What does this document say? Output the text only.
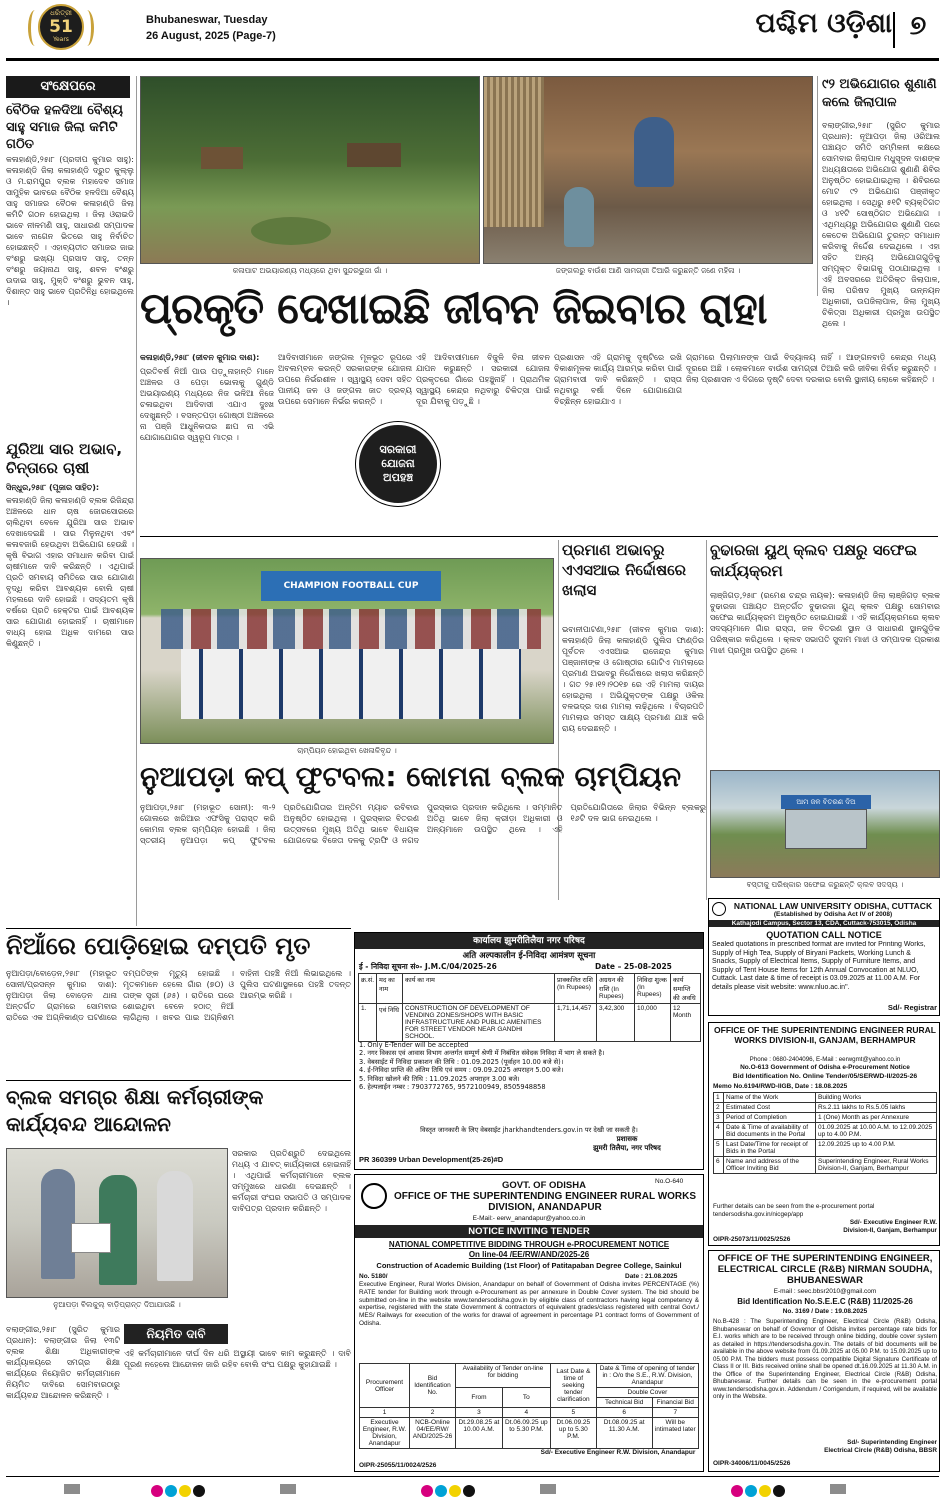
ଧରିତ୍ରୀ
51
Years
Bhubaneswar, Tuesday
26 August, 2025 (Page-7)	ପଶ୍ଚିମ ଓଡ଼ିଶା ୭
ସଂକ୍ଷେପରେ
ବୈଠିକ ହଳଦିଆ ବୈଶ୍ୟ ସାହୁ ସମାଜ ଜିଲା କମିଟି ଗଠିତ
କଳାହାଣ୍ଡି,୨୫ା୮ (ପ୍ରଦୀପ କୁମାର ସାହୁ): କଳାହାଣ୍ଡି ଜିଲା କଳାହାଣ୍ଡି ଦ୍ରୁତ କୁଲ୍ଲୁ ଓ ମ.ରାମପୁର ବ୍ଲକ ମହାଦେବ ସମାଜ ସାମୁହିକ ଭାବରେ ବୈଠିକ ହଳଦିଆ ବୈଶ୍ୟ ସାହୁ ସମାଜର ବୈଠକ କଳାହାଣ୍ଡି ଜିଲା କମିଟି ଗଠନ ହୋଇଥିଲା । ଜିଲା ଓରାଇଡି ଭାବେ ନୀଳମଣି ସାହୁ, ସାଧାରଣ ସମ୍ପାଦକ ଭାବେ ନାଗେନ ଭିତରେ ସାହୁ ନିର୍ବାଚିତ ହୋଇଛନ୍ତି । ଏହାବ୍ୟତୀତ ସମାଜର ଜାଇ ବଂଶରୁ ଇଖ୍ୟା ପ୍ରସାଦ ସାହୁ, ତନ୍ନ ବଂଶରୁ ଜୟାନାଥ ସାହୁ, ଶବଳ ବଂଶରୁ ଉଦାଇ ସାହୁ, ମୁକ୍ତି ବଂଶରୁ ଭୁବନ ସାହୁ, ଦିଶାନ୍ତ ସାହୁ ଭାବେ ପ୍ରତିନିଧି ହୋଇଥିଲେ ।
ଯୁରିଆ ସାର ଅଭାବ, ଚିନ୍ତାରେ ଚାଷୀ
ସିନ୍ଧୁର,୨୫ା୮ (ପୂଜାର ସାହିତ):
କଳାହାଣ୍ଡି ଜିଲା କଳାହାଣ୍ଡି ବ୍ଲକ ରିଜିନ୍ଦ୍ରା ଅଞ୍ଚଳରେ ଧାନ ଚାଷ ଜୋରସୋରରେ ଚାଲିଥିବା ବେଳେ ଯୁରିଆ ସାର ଅଭାବ ଦେଖାଦେଇଛି । ସାର ମିଳୁନଥିବା ଏବଂ କଳାବଜାରି ହେଉଥିବା ଅଭିଯୋଗ ହେଉଛି । କୃଷି ବିଭାଗ ଏହାର ସମାଧାନ କରିବା ପାଇଁ ଚାଷୀମାନେ ଦାବି କରିଛନ୍ତି । ଏଥିପାଇଁ ପ୍ରତି ସମବାୟ ସମିତିରେ ସାର ଯୋଗାଣ ବୃଦ୍ଧି କରିବା ଆବଶ୍ୟକ ବୋଲି ଚାଷୀ ମହଲରେ ଦାବି ହୋଇଛି । ସଦ୍ୟତମ କୃଷି ବର୍ଷରେ ପ୍ରତି ହେକ୍ଟର ପାଇଁ ଆବଶ୍ୟକ ସାର ଯୋଗାଣ ହୋଇନାହିଁ । ଚାଷୀମାନେ ବାଧ୍ୟ ହୋଇ ଅଧିକ ଦାମରେ ସାର କିଣୁଛନ୍ତି ।
କଳାପାଟ ଅଭୟାରଣ୍ୟ ମଧ୍ୟରେ ଥିବା ସୁନ୍ଦରଭୁଜା ଗାଁ ।	ଜଙ୍ଗଲରୁ ବାଉଁଶ ଆଣି ସାମଗ୍ରୀ ତିଆରି କରୁଛନ୍ତି ଜଣେ ମହିଳା ।
୯୨ ଅଭିଯୋଗର ଶୁଣାଣି କଲେ ଜିଲାପାଳ
ବଲାଙ୍ଗୀର,୨୫ା୮ (ସୁରିତ କୁମାର ପ୍ରଧାନ): ନୂଆପଡ଼ା ଜିଲା ଓରିଆଲ ପଞ୍ଚାୟତ ସମିତି ସମ୍ମିଳନୀ କକ୍ଷରେ ସୋମବାର ଜିଲାପାଳ ମଧୁସୂଦନ ଦାଶଙ୍କ ଅଧ୍ୟକ୍ଷତାରେ ଅଭିଯୋଗ ଶୁଣାଣି ଶିବିର ଅନୁଷ୍ଠିତ ହୋଇଯାଇଥିଲା । ଶିବିରରେ ମୋଟ ୯୨ ଅଭିଯୋଗ ପଞ୍ଜୀକୃତ ହୋଇଥିଲା । ସେଥିରୁ ୫୧ଟି ବ୍ୟକ୍ତିଗତ ଓ ୪୧ଟି ସୋଷ୍ଠିଗତ ଅଭିଯୋଗ । ଏଥିମଧ୍ୟରୁ ଅଭିଯୋଗର ଶୁଣାଣି ପରେ କେତେକ ଅଭିଯୋଗ ତୁରନ୍ତ ସମାଧାନ କରିବାକୁ ନିର୍ଦ୍ଦେଶ ଦେଇଥିଲେ । ଏହା ସହିତ ଅନ୍ୟ ଅଭିଯୋଗଗୁଡ଼ିକୁ ସମ୍ପୃକ୍ତ ବିଭାଗକୁ ପଠାଯାଇଥିଲା । ଏହି ଅବସରରେ ଅତିରିକ୍ତ ଜିଲାପାଳ, ଜିଲା ପରିଷଦ ମୁଖ୍ୟ ଉନ୍ନୟନ ଅଧିକାରୀ, ଉପଜିଲାପାଳ, ଜିଲା ମୁଖ୍ୟ ଚିକିତ୍ସା ଅଧିକାରୀ ପ୍ରମୁଖ ଉପସ୍ଥିତ ଥିଲେ ।
ପ୍ରକୃତି ଦେଖାଇଛି ଜୀବନ ଜିଇବାର ରାହା
କଳାହାଣ୍ଡି,୨୫ା୮ (ଜୀବନ କୁମାର ଦାଶ):
ପ୍ରତିବର୍ଷ ନିଆଁ ପାଉ ପଡ଼ୁନାହାନ୍ତି ମାନେ ଅଞ୍ଚଳର ଓ ପେଡ଼ା ଭୋଲକୁ ଗୁଣ୍ଡି ଅଭୟାରଣ୍ୟ ମଧ୍ୟରେ ନିଜ ଭଳିଆ ନିଜେ ଚଳାଇଥିବା ଆଦିବାସୀ ଏଯାଏ ଦୁଃଖ ଦେଖୁଛନ୍ତି । ବସନ୍ତପଡ଼ା ଗୋଷ୍ଠୀ ଅଞ୍ଚଳରେ ନା ପଞ୍ଜି ଆଧୁନିକତାର ଛାପ ନା ଏଭି ଯୋଗାଯୋଗର ସ୍ୱରୂପ ମାତ୍ର ।
ଆଦିବାସୀମାନେ ଜଙ୍ଗଲ ମୂଳଭୂତ ରୂପରେ ଅବଲମ୍ବନ କରନ୍ତି ସରକାରଙ୍କ ଯୋଜନା ଉପରେ ନିର୍ଭରଶୀଳ । ସ୍ୱାସ୍ଥ୍ୟ ସେବା ସହିତ ପାନୀୟ ଜଳ ଓ ଜଙ୍ଗଲ ଜାତ ଦ୍ରବ୍ୟ ଉପରେ ସେମାନେ ନିର୍ଭର କରନ୍ତି ।
ସରକାରୀ ଯୋଜନା ଅପହଞ୍ଚ
ଏହି ଆଦିବାସୀମାନେ ବିଜୁଳି ବିନା ଜୀବନ ଯାପନ କରୁଛନ୍ତି । ସରକାରୀ ଯୋଜନା ପ୍ରକୃତରେ ଗାଁରେ ପହଞ୍ଚୁନାହିଁ । ପ୍ରାଥମିକ ସ୍ୱାସ୍ଥ୍ୟ କେନ୍ଦ୍ର ନଥିବାରୁ ଚିକିତ୍ସା ପାଇଁ ଦୂର ଯିବାକୁ ପଡ଼ୁଛି ।
ପ୍ରଶାସନ ଏହି ଗ୍ରାମକୁ ଦୃଷ୍ଟିରେ ରଖି ବିକାଶମୂଳକ କାର୍ଯ୍ୟ ଆରମ୍ଭ କରିବା ପାଇଁ ଗ୍ରାମବାସୀ ଦାବି କରିଛନ୍ତି । ରାସ୍ତା ନଥିବାରୁ ବର୍ଷା ଦିନେ ଯୋଗାଯୋଗ ବିଚ୍ଛିନ୍ନ ହୋଇଯାଏ ।
ଗ୍ରାମରେ ପିଲାମାନଙ୍କ ପାଇଁ ବିଦ୍ୟାଳୟ ନାହିଁ । ଆଙ୍ଗନବାଡ଼ି କେନ୍ଦ୍ର ମଧ୍ୟ ଦୂରରେ ଅଛି । ଲୋକମାନେ ବାଉଁଶ ସାମଗ୍ରୀ ତିଆରି କରି ଜୀବିକା ନିର୍ବାହ କରୁଛନ୍ତି । ଜିଲା ପ୍ରଶାସନ ଏ ଦିଗରେ ଦୃଷ୍ଟି ଦେବା ଦରକାର ବୋଲି ସ୍ଥାନୀୟ ଲୋକେ କହିଛନ୍ତି ।
CHAMPION FOOTBALL CUP
ଚାମ୍ପିୟନ ହୋଇଥିବା ଖେଳାଳିବୃନ୍ଦ ।
ପ୍ରମାଣ ଅଭାବରୁ ଏଏସଆଇ ନିର୍ଦ୍ଦୋଷରେ ଖଲାସ
ଭବାନୀପାଟଣା,୨୫ା୮ (ଜୀବନ କୁମାର ଦାଶ): କଳାହାଣ୍ଡି ଜିଲା କଳାହାଣ୍ଡି ପୁଲିସ ଫାଣ୍ଡିର ପୂର୍ବତନ ଏଏସଆଇ ରାଜେନ୍ଦ୍ର କୁମାର ପଞ୍ଜାନୀଙ୍କ ଓ ଗୋଷ୍ଠୀର ଗୋଟିଏ ମାମଲାରେ ପ୍ରମାଣ ଅଭାବରୁ ନିର୍ଦ୍ଦୋଷରେ ଖଲାସ କରିଛନ୍ତି । ଗତ ୨୫।୧୨।୨୦୧୭ ରେ ଏହି ମାମଲା ଦାୟର ହୋଇଥିଲା । ଅଭିଯୁକ୍ତଙ୍କ ପକ୍ଷରୁ ଓକିଲ ବଳଭଦ୍ର ଦାଶ ମାମଲା ଲଢ଼ିଥିଲେ । ବିଚାରପତି ମାମଲାର ସମସ୍ତ ସାକ୍ଷ୍ୟ ପ୍ରମାଣ ଯାଞ୍ଚ କରି ରାୟ ଦେଇଛନ୍ତି ।
ବୁଢାରଜା ୟୁଥ୍ କ୍ଲବ ପକ୍ଷରୁ ସଫେଇ କାର୍ଯ୍ୟକ୍ରମ
ଲାଞ୍ଜିଗଡ଼,୨୫ା୮ (ରମେଶ ଚନ୍ଦ୍ର ନାୟକ): କଳାହାଣ୍ଡି ଜିଲା ଲାଞ୍ଜିଗଡ଼ ବ୍ଲକ ବୁଢାରଜା ପଞ୍ଚାୟତ ଅନ୍ତର୍ଗତ ବୁଢାରଜା ୟୁଥ୍ କ୍ଲବ ପକ୍ଷରୁ ସୋମବାର ସଫେଇ କାର୍ଯ୍ୟକ୍ରମ ଅନୁଷ୍ଠିତ ହୋଇଯାଇଛି । ଏହି କାର୍ଯ୍ୟକ୍ରମରେ କ୍ଲବ ସଦସ୍ୟମାନେ ଗାଁର ରାସ୍ତା, ଜଳ ବିତରଣ ସ୍ଥାନ ଓ ସାଧାରଣ ସ୍ଥାନଗୁଡ଼ିକ ପରିଷ୍କାର କରିଥିଲେ । କ୍ଲବ ସଭାପତି ସୁଦାମ ମାଝୀ ଓ ସମ୍ପାଦକ ପ୍ରକାଶ ମାଝୀ ପ୍ରମୁଖ ଉପସ୍ଥିତ ଥିଲେ ।
ଆମ ଜଳ ବିତରଣ ଦିଅ
ବସ୍ତୀକୁ ପରିଷ୍କାର ସଫେଇ କରୁଛନ୍ତି କ୍ଲବ ସଦସ୍ୟ ।
ନୁଆପଡ଼ା କପ୍ ଫୁଟବଲ: କୋମନା ବ୍ଲକ ଚାମ୍ପିୟନ
ନୁଆପଡ଼ା,୨୫ା୮ (ମହାଭୂତ ସୋନୀ): ୩-୨ ଗୋଲରେ ଖରିଆର ଏଫସିକୁ ପରାସ୍ତ କରି କୋମନା ବ୍ଲକ ଚାମ୍ପିୟନ ହୋଇଛି । ଜିଲା ସ୍ତରୀୟ ନୁଆପଡ଼ା କପ୍ ଫୁଟବଲ ପ୍ରତିଯୋଗିତାର ଅନ୍ତିମ ମ୍ୟାଚ ରବିବାର ଅନୁଷ୍ଠିତ ହୋଇଥିଲା । ପୁରସ୍କାର ବିତରଣ ଉତ୍ସବରେ ମୁଖ୍ୟ ଅତିଥି ଭାବେ ବିଧାୟକ ଯୋଗଦେଇ ବିଜେତା ଦଳକୁ ଟ୍ରଫି ଓ ନଗଦ ପୁରସ୍କାର ପ୍ରଦାନ କରିଥିଲେ । ସମ୍ମାନିତ ଅତିଥି ଭାବେ ଜିଲା କ୍ରୀଡ଼ା ଅଧିକାରୀ ଓ ଅନ୍ୟମାନେ ଉପସ୍ଥିତ ଥିଲେ । ଏହି ପ୍ରତିଯୋଗିତାରେ ଜିଲାର ବିଭିନ୍ନ ବ୍ଲକରୁ ୧୬ଟି ଦଳ ଭାଗ ନେଇଥିଲେ ।
NATIONAL LAW UNIVERSITY ODISHA, CUTTACK
(Established by Odisha Act IV of 2008)
Kathajodi Campus, Sector 13, CDA, Cuttack-753015, Odisha
QUOTATION CALL NOTICE
Sealed quotations in prescribed format are invited for Printing Works, Supply of High Tea, Supply of Biryani Packets, Working Lunch & Snacks, Supply of Electrical Items, Supply of Furniture Items, and Supply of Tent House Items for 12th Annual Convocation at NLUO, Cuttack. Last date & time of receipt is 03.09.2025 at 11.00 A.M. For details please visit website: www.nluo.ac.in".
Sd/- Registrar
ନିଆଁରେ ପୋଡ଼ିହୋଇ ଦମ୍ପତି ମୃତ
ନୁଆପଡ଼ା/ବୋଡ଼େନ,୨୫ା୮ (ମହାଭୂତ ସୋନୀ/ପ୍ରସନ୍ନ କୁମାର ଦାଶ): ନୁଆପଡ଼ା ଜିଲା ବୋଡ଼େନ ଥାନା ଅନ୍ତର୍ଗତ ଗ୍ରାମରେ ସୋମବାର ରାତିରେ ଏକ ଅଗ୍ନିକାଣ୍ଡ ଘଟଣାରେ ଦମ୍ପତିଙ୍କ ମୃତ୍ୟୁ ହୋଇଛି । ମୃତକମାନେ ହେଲେ ଗାଁର (୭୦) ଓ ତାଙ୍କ ସ୍ତ୍ରୀ (୬୫) । ରାତିରେ ଘରେ ଶୋଇଥିବା ବେଳେ ହଠାତ୍ ନିଆଁ ଲାଗିଥିଲା । ଖବର ପାଇ ଅଗ୍ନିଶମ ବାହିନୀ ପହଞ୍ଚି ନିଆଁ ଲିଭାଇଥିଲେ । ପୁଲିସ ଘଟଣାସ୍ଥଳରେ ପହଞ୍ଚି ତଦନ୍ତ ଆରମ୍ଭ କରିଛି ।
ବ୍ଲକ ସମଗ୍ର ଶିକ୍ଷା କର୍ମଚାରୀଙ୍କ କାର୍ଯ୍ୟବନ୍ଦ ଆନ୍ଦୋଳନ
ନୁଆପଡ଼ା ବିଲକୁଲ୍ ବାଡ଼ିପ୍ରାନ୍ତ ଦିଆଯାଉଛି ।
ସରକାର ପ୍ରତିଶ୍ରୁତି ଦେଇଥିଲେ ମଧ୍ୟ ଏ ଯାବତ୍ କାର୍ଯ୍ୟକାରୀ ହୋଇନାହିଁ । ଏଥିପାଇଁ କର୍ମଚାରୀମାନେ ବ୍ଲକ ସମ୍ମୁଖରେ ଧାରଣା ଦେଇଛନ୍ତି । କର୍ମଚାରୀ ସଂଘର ସଭାପତି ଓ ସମ୍ପାଦକ ଦାବିପତ୍ର ପ୍ରଦାନ କରିଛନ୍ତି ।
ବଲାଙ୍ଗୀର,୨୫ା୮ (ସୁରିତ କୁମାର ପ୍ରଧାନ): ବଲାଙ୍ଗୀର ଜିଲା ୧୩ଟି ବ୍ଲକ ଶିକ୍ଷା ଅଧିକାରୀଙ୍କ କାର୍ଯ୍ୟାଳୟରେ ସମଗ୍ର ଶିକ୍ଷା କାର୍ଯ୍ୟରେ ନିୟୋଜିତ କର୍ମଚାରୀମାନେ ନିୟମିତ ଦାବିରେ ସୋମବାରଠାରୁ କାର୍ଯ୍ୟବନ୍ଦ ଆନ୍ଦୋଳନ କରିଛନ୍ତି ।
ନିୟମିତ ଦାବି
ଏହି କର୍ମଚାରୀମାନେ ଦୀର୍ଘ ଦିନ ଧରି ଅସ୍ଥାୟୀ ଭାବେ କାମ କରୁଛନ୍ତି । ଦାବି ପୂରଣ ନହେଲେ ଆନ୍ଦୋଳନ ଜାରି ରହିବ ବୋଲି ସଂଘ ପକ୍ଷରୁ କୁହାଯାଇଛି ।
कार्यालय झुमरीतिलैया नगर परिषद
अति अल्पकालीन ई-निविदा आमंत्रण सूचना
ई - निविदा सूचना सं०- J.M.C/04/2025-26	Date – 25-08-2025
क्र.सं.	मद का नाम	कार्य का नाम	प्राक्कलित राशि (In Rupees)	अग्रधन की राशि (In Rupees)	निविदा शुल्क (In Rupees)	कार्य समाप्ति की अवधि
1.	एवं निधि	CONSTRUCTION OF DEVELOPMENT OF VENDING ZONES/SHOPS WITH BASIC INFRASTRUCTURE AND PUBLIC AMENITIES FOR STREET VENDOR NEAR GANDHI SCHOOL.	1,71,14,457	3,42,300	10,000	12 Month
1. Only E-Tender will be accepted
2. नगर विकास एवं आवास विभाग अन्तर्गत सम्पूर्ण श्रेणी में निबंधित संवेदक निविदा में भाग ले सकते है।
3. वेबसाईट में निविदा प्रकाशन की तिथि : 01.09.2025 (पूर्वाहन 10.00 बजे से)।
4. ई-निविदा प्राप्ति की अंतिम तिथि एवं समय : 09.09.2025 अपराहन 5.00 बजे।
5. निविदा खोलने की तिथि : 11.09.2025 अपराहन 3.00 बजे।
6. हेल्पलाईन नम्बर : 7903772765, 9572100949, 8505948858
विस्तृत जानकारी के लिए वेबसाईट jharkhandtenders.gov.in पर देखी जा सकती है।
प्रशासक
झुमरी तिलैया, नगर परिषद
PR 360399 Urban Development(25-26)#D
No.O-640
GOVT. OF ODISHA
OFFICE OF THE SUPERINTENDING ENGINEER RURAL WORKS DIVISION, ANANDAPUR
E-Mail:- eerw_anandapur@yahoo.co.in
NOTICE INVITING TENDER
NATIONAL COMPETITIVE BIDDING THROUGH e-PROCUREMENT NOTICE
On line-04 /EE/RW/AND/2025-26
Construction of Academic Building (1st Floor) of Patitapaban Degree College, Sainkul
No. 5180/	Date : 21.08.2025
Executive Engineer, Rural Works Division, Anandapur on behalf of Government of Odisha invites PERCENTAGE (%) RATE tender for Building work through e-Procurement as per annexure in Double Cover system. The bid should be submitted on-line in the website www.tendersodisha.gov.in by eligible class of contractors having legal competency & expertise, registered with the state Government & contractors of equivalent grades/class registered with central Govt./ MES/ Railways for execution of the works for drawal of agreement in percentage P1 contract forms of Government of Odisha.
Procurement Officer	Bid Identification No.	Availability of Tender on-line for bidding		Last Date & time of seeking tender clarification	Date & Time of opening of tender in : O/o the S.E., R.W. Division, Anandapur	
		From	To		Double Cover	
					Technical Bid	Financial Bid
1	2	3	4	5	6	7
Executive Engineer, R.W. Division, Anandapur	NCB-Online 04/EE/RW/ AND/2025-26	Dt.29.08.25 at 10.00 A.M.	Dt.06.09.25 up to 5.30 P.M.	Dt.06.09.25 up to 5.30 P.M.	Dt.08.09.25 at 11.30 A.M.	Will be intimated later
Sd/- Executive Engineer R.W. Division, Anandapur
OIPR-25055/11/0024/2526
OFFICE OF THE SUPERINTENDING ENGINEER RURAL WORKS DIVISION-II, GANJAM, BERHAMPUR
Phone : 0680-2404096, E-Mail : eerwgmt@yahoo.co.in
No.O-613 Government of Odisha e-Procurement Notice
Bid Identification No. Online Tender/05/SERWD-II/2025-26
Memo No.6194/RWD-IIGB, Date : 18.08.2025
1	Name of the Work	Building Works
2	Estimated Cost	Rs.2.11 lakhs to Rs.5.05 lakhs
3	Period of Completion	1 (One) Month as per Annexure
4	Date & Time of availability of Bid documents in the Portal	01.09.2025 at 10.00 A.M. to 12.09.2025 up to 4.00 P.M.
5	Last Date/Time for receipt of Bids in the Portal	12.09.2025 up to 4.00 P.M.
6	Name and address of the Officer Inviting Bid	Superintending Engineer, Rural Works Division-II, Ganjam, Berhampur
Further details can be seen from the e-procurement portal tendersodisha.gov.in/nicgep/app
Sd/- Executive Engineer R.W. Division-II, Ganjam, Berhampur
OIPR-25073/11/0025/2526
OFFICE OF THE SUPERINTENDING ENGINEER, ELECTRICAL CIRCLE (R&B) NIRMAN SOUDHA, BHUBANESWAR
E-mail : seec.bbsr2010@gmail.com
Bid Identification No.S.E.E.C (R&B) 11/2025-26
No. 3169 / Date : 19.08.2025
No.B-428 : The Superintending Engineer, Electrical Circle (R&B) Odisha, Bhubaneswar on behalf of Governor of Odisha invites percentage rate bids for E.I. works which are to be received through online bidding, double cover system as detailed in https://tendersodisha.gov.in. The details of bid documents will be available in the above website from 01.09.2025 at 05.00 P.M. to 15.09.2025 up to 05.00 P.M. The bidders must possess compatible Digital Signature Certificate of Class II or III. Bids received online shall be opened dt.16.09.2025 at 11.30 A.M. in the Office of the Superintending Engineer, Electrical Circle (R&B) Odisha, Bhubaneswar. Further details can be seen in the e-procurement portal www.tendersodisha.gov.in. Addendum / Corrigendum, if required, will be available only in the Website.
Sd/- Superintending Engineer Electrical Circle (R&B) Odisha, BBSR
OIPR-34006/11/0045/2526
